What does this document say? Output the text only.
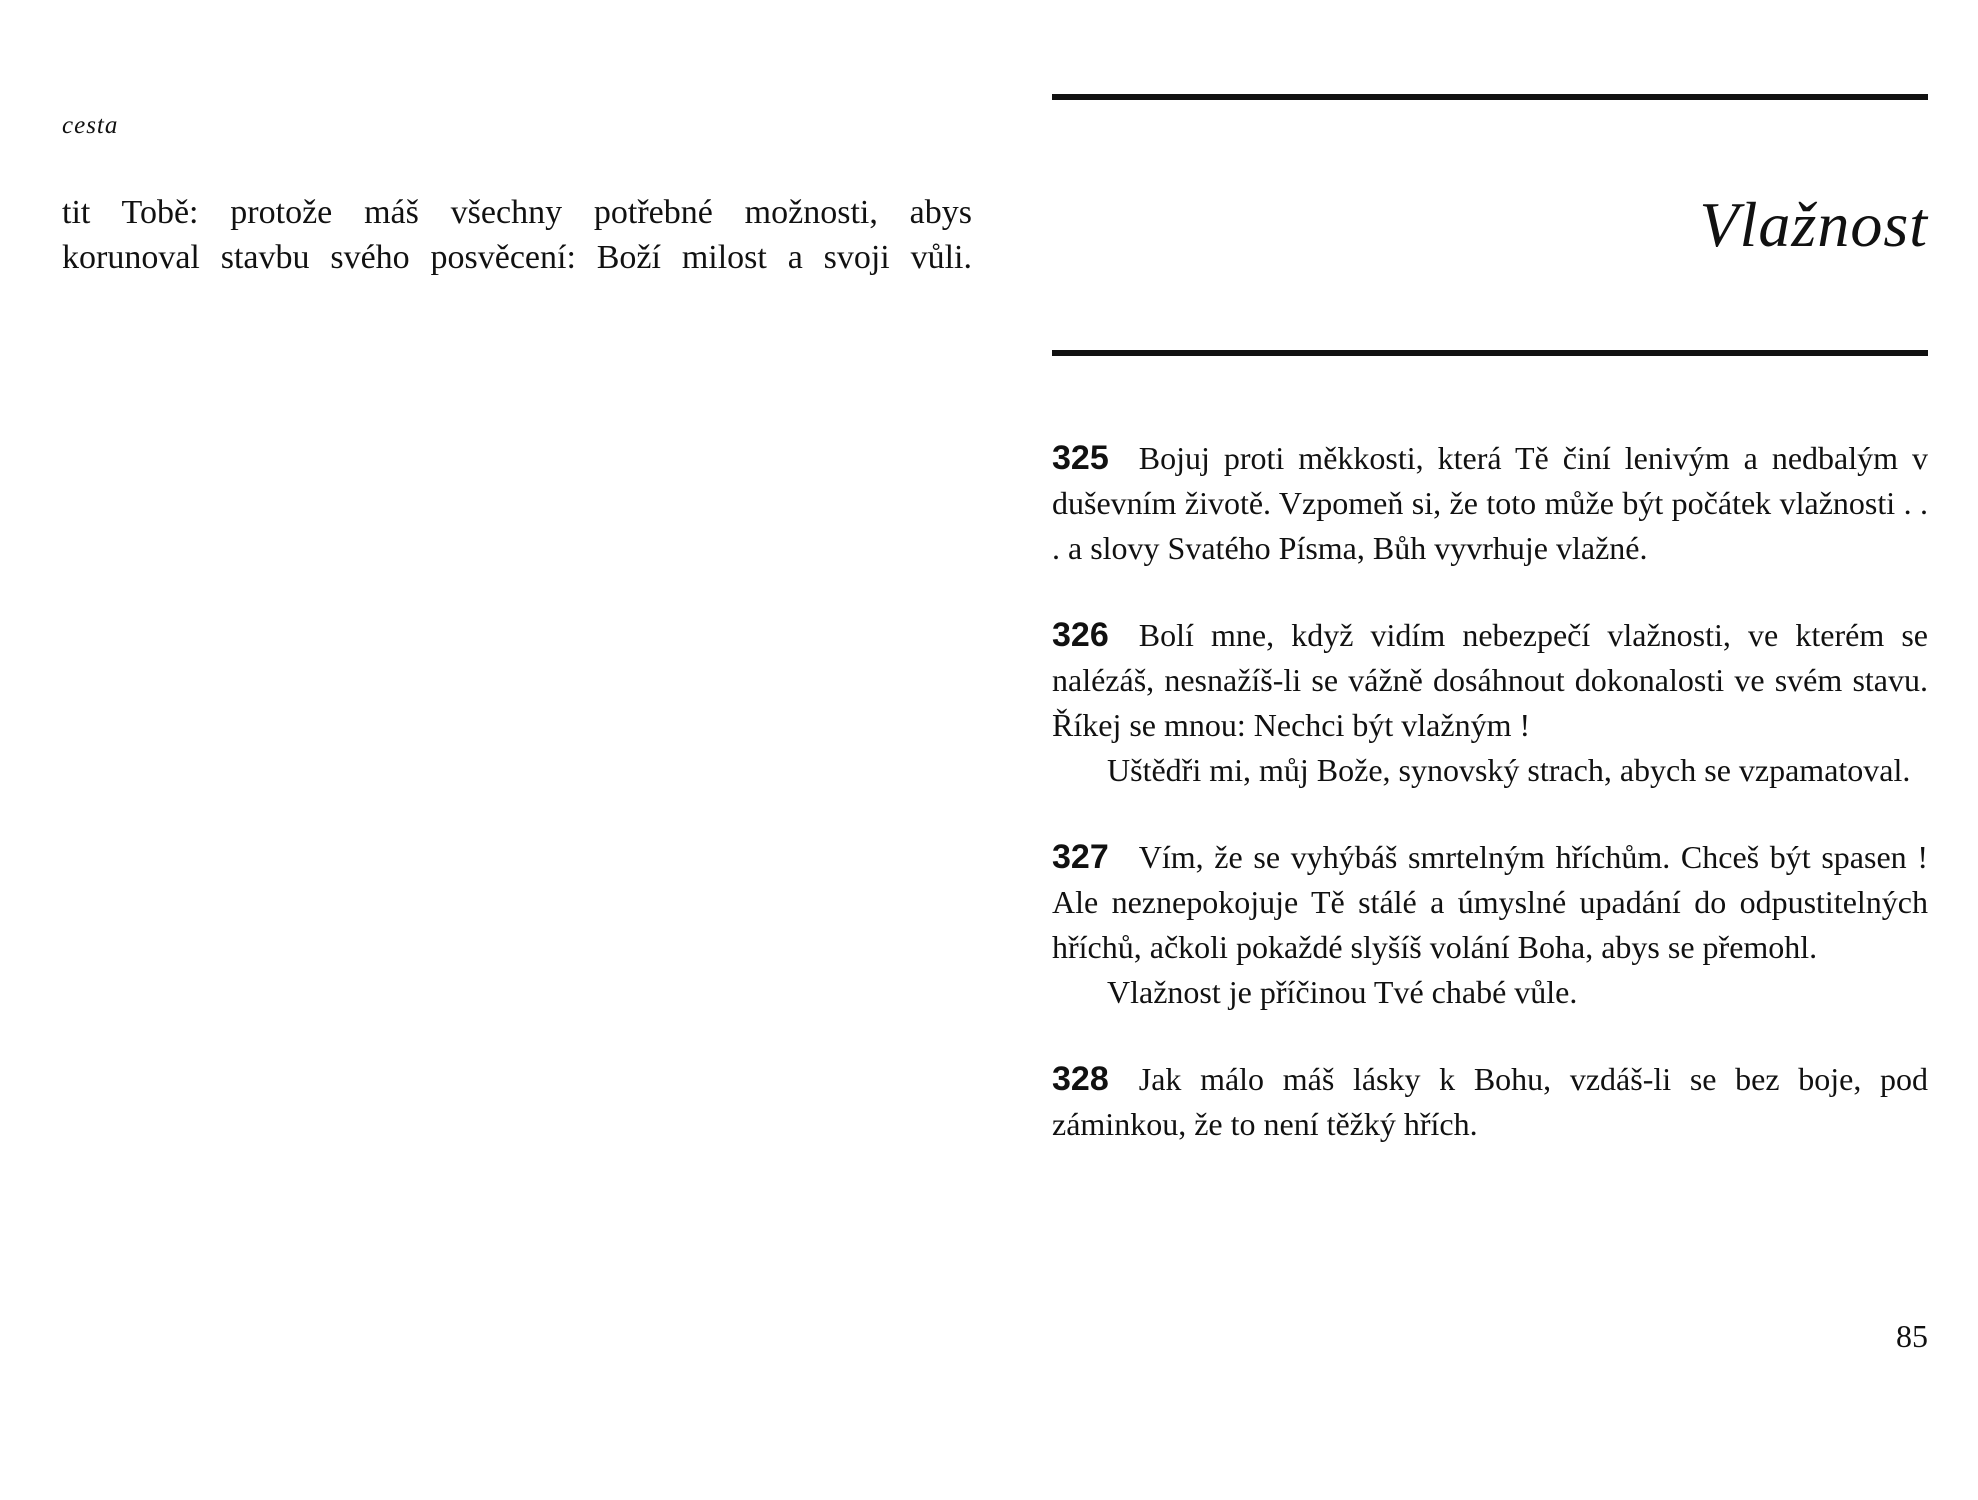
cesta
tit Tobě: protože máš všechny potřebné možnosti, abys
korunoval stavbu svého posvěcení: Boží milost a svoji vůli.	Vlažnost

325 Bojuj proti měkkosti, která Tě činí lenivým a nedbalým v duševním životě. Vzpomeň si, že toto může být počátek vlažnosti . . . a slovy Svatého Písma, Bůh vyvrhuje vlažné.

326 Bolí mne, když vidím nebezpečí vlažnosti, ve kterém se nalézáš, nesnažíš-li se vážně dosáhnout dokonalosti ve svém stavu. Říkej se mnou: Nechci být vlažným !

Uštědři mi, můj Bože, synovský strach, abych se vzpamatoval.

327 Vím, že se vyhýbáš smrtelným hříchům. Chceš být spasen ! Ale neznepokojuje Tě stálé a úmyslné upadání do odpustitelných hříchů, ačkoli pokaždé slyšíš volání Boha, abys se přemohl.

Vlažnost je příčinou Tvé chabé vůle.

328 Jak málo máš lásky k Bohu, vzdáš-li se bez boje, pod záminkou, že to není těžký hřích.

85
